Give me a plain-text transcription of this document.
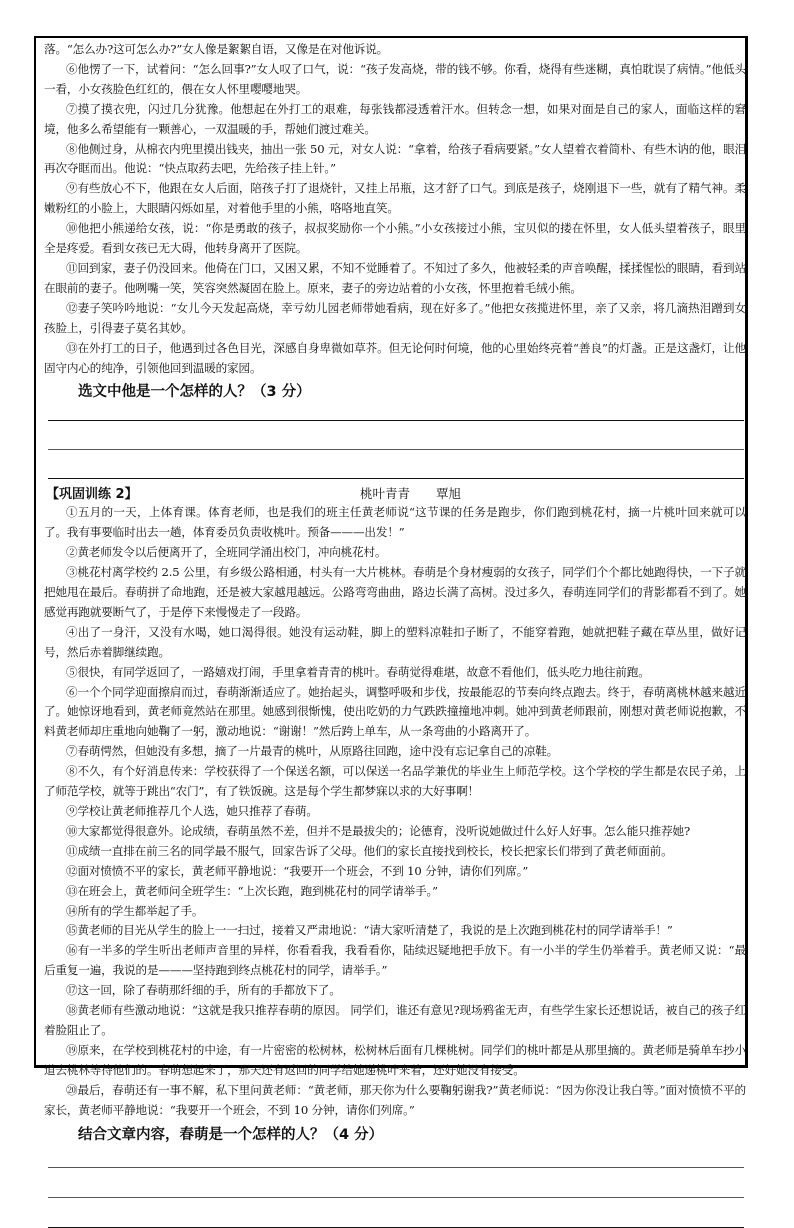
落。“怎么办?这可怎么办?”女人像是絮絮自语，又像是在对他诉说。

⑥他愣了一下，试着问：“怎么回事?”女人叹了口气，说：“孩子发高烧，带的钱不够。你看，烧得有些迷糊，真怕耽误了病情。”他低头一看，小女孩脸色红红的，偎在女人怀里嘤嘤地哭。

⑦摸了摸衣兜，闪过几分犹豫。他想起在外打工的艰难，每张钱都浸透着汗水。但转念一想，如果对面是自己的家人，面临这样的窘境，他多么希望能有一颗善心，一双温暖的手，帮她们渡过难关。

⑧他侧过身，从棉衣内兜里摸出钱夹，抽出一张 50 元，对女人说：“拿着，给孩子看病要紧。”女人望着衣着简朴、有些木讷的他，眼泪再次夺眶而出。他说：“快点取药去吧，先给孩子挂上针。”

⑨有些放心不下，他跟在女人后面，陪孩子打了退烧针，又挂上吊瓶，这才舒了口气。到底是孩子，烧刚退下一些，就有了精气神。柔嫩粉红的小脸上，大眼睛闪烁如星，对着他手里的小熊，咯咯地直笑。

⑩他把小熊递给女孩，说：“你是勇敢的孩子，叔叔奖励你一个小熊。”小女孩接过小熊，宝贝似的搂在怀里，女人低头望着孩子，眼里全是疼爱。看到女孩已无大碍，他转身离开了医院。

⑪回到家，妻子仍没回来。他倚在门口，又困又累，不知不觉睡着了。不知过了多久，他被轻柔的声音唤醒，揉揉惺忪的眼睛，看到站在眼前的妻子。他咧嘴一笑，笑容突然凝固在脸上。原来，妻子的旁边站着的小女孩，怀里抱着毛绒小熊。

⑫妻子笑吟吟地说：“女儿今天发起高烧，幸亏幼儿园老师带她看病，现在好多了。”他把女孩揽进怀里，亲了又亲，将几滴热泪蹭到女孩脸上，引得妻子莫名其妙。

⑬在外打工的日子，他遇到过各色目光，深感自身卑微如草芥。但无论何时何境，他的心里始终亮着“善良”的灯盏。正是这盏灯，让他固守内心的纯净，引领他回到温暖的家园。

选文中他是一个怎样的人？（3 分）
【巩固训练 2】	桃叶青青 覃旭

①五月的一天，上体育课。体育老师，也是我们的班主任黄老师说“这节课的任务是跑步，你们跑到桃花村，摘一片桃叶回来就可以了。我有事要临时出去一趟，体育委员负责收桃叶。预备———出发！”

②黄老师发令以后便离开了，全班同学涌出校门，冲向桃花村。

③桃花村离学校约 2.5 公里，有乡级公路相通，村头有一大片桃林。春萌是个身材瘦弱的女孩子，同学们个个都比她跑得快，一下子就把她甩在最后。春萌拼了命地跑，还是被大家越甩越远。公路弯弯曲曲，路边长满了高树。没过多久，春萌连同学们的背影都看不到了。她感觉再跑就要断气了，于是停下来慢慢走了一段路。

④出了一身汗，又没有水喝，她口渴得很。她没有运动鞋，脚上的塑料凉鞋扣子断了，不能穿着跑，她就把鞋子藏在草丛里，做好记号，然后赤着脚继续跑。

⑤很快，有同学返回了，一路嬉戏打闹，手里拿着青青的桃叶。春萌觉得难堪，故意不看他们，低头吃力地往前跑。

⑥一个个同学迎面擦肩而过，春萌渐渐适应了。她抬起头，调整呼吸和步伐，按最能忍的节奏向终点跑去。终于，春萌离桃林越来越近了。她惊讶地看到，黄老师竟然站在那里。她感到很惭愧，使出吃奶的力气跌跌撞撞地冲刺。她冲到黄老师跟前，刚想对黄老师说抱歉，不料黄老师却庄重地向她鞠了一躬，激动地说：“谢谢！”然后跨上单车，从一条弯曲的小路离开了。

⑦春萌愕然，但她没有多想，摘了一片最青的桃叶，从原路往回跑，途中没有忘记拿自己的凉鞋。

⑧不久，有个好消息传来：学校获得了一个保送名额，可以保送一名品学兼优的毕业生上师范学校。这个学校的学生都是农民子弟，上了师范学校，就等于跳出“农门”，有了铁饭碗。这是每个学生都梦寐以求的大好事啊！

⑨学校让黄老师推荐几个人选，她只推荐了春萌。

⑩大家都觉得很意外。论成绩，春萌虽然不差，但并不是最拔尖的；论德育，没听说她做过什么好人好事。怎么能只推荐她?

⑪成绩一直排在前三名的同学最不服气，回家告诉了父母。他们的家长直接找到校长，校长把家长们带到了黄老师面前。

⑫面对愤愤不平的家长，黄老师平静地说：“我要开一个班会，不到 10 分钟，请你们列席。”

⑬在班会上，黄老师问全班学生：“上次长跑，跑到桃花村的同学请举手。”

⑭所有的学生都举起了手。

⑮黄老师的目光从学生的脸上一一扫过，接着又严肃地说：“请大家听清楚了，我说的是上次跑到桃花村的同学请举手！”

⑯有一半多的学生听出老师声音里的异样，你看看我，我看看你，陆续迟疑地把手放下。有一小半的学生仍举着手。黄老师又说：“最后重复一遍，我说的是———坚持跑到终点桃花村的同学，请举手。”

⑰这一回，除了春萌那纤细的手，所有的手都放下了。

⑱黄老师有些激动地说：“这就是我只推荐春萌的原因。 同学们，谁还有意见?现场鸦雀无声，有些学生家长还想说话，被自己的孩子红着脸阻止了。

⑲原来，在学校到桃花村的中途，有一片密密的松树林，松树林后面有几棵桃树。同学们的桃叶都是从那里摘的。黄老师是骑单车抄小道去桃林等待他们的。春萌想起来了，那天还有返回的同学给她递桃叶来着，还好她没有接受。

⑳最后，春萌还有一事不解，私下里问黄老师：“黄老师，那天你为什么要鞠躬谢我?”黄老师说：“因为你没让我白等。”面对愤愤不平的家长，黄老师平静地说：“我要开一个班会，不到 10 分钟，请你们列席。”

结合文章内容，春萌是一个怎样的人？（4 分）
